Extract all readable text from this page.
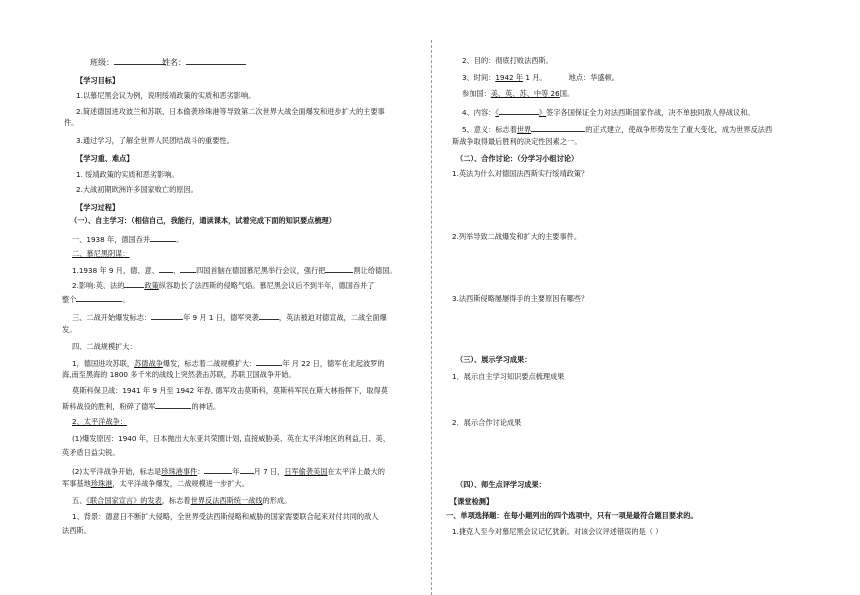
班级：	姓名：
【学习目标】
1.以慕尼黑会议为例，说明绥靖政策的实质和恶劣影响。
2.简述德国进攻波兰和苏联、日本偷袭珍珠港等导致第二次世界大战全面爆发和进步扩大的主要事
件。
3.通过学习，了解全世界人民团结战斗的重要性。
【学习重、难点】
1. 绥靖政策的实质和恶劣影响。
2.大战初期欧洲许多国家败亡的原因。
【学习过程】
（一）、自主学习：（相信自己，我能行，通读课本，试着完成下面的知识要点梳理）
一、1938 年，德国吞并	。
二、慕尼黑阴谋：
1.1938 年 9 月，德、意、 、 四国首脑在德国慕尼黑举行会议，强行把	割让给德国。
2.影响:英、法的	政策纵容助长了法西斯的侵略气焰。慕尼黑会议后不到半年，德国吞并了
整个	。
三、二战开始爆发标志：	年 9 月 1 日，德军突袭	，英法被迫对德宣战，二战全面爆
发。
四、二战规模扩大：
1，德国进攻苏联，苏德战争爆发，标志着二战规模扩大：	年 月 22 日，德军在北起波罗的
海,南至黑海的 1800 多千米的战线上突然袭击苏联，苏联卫国战争开始。
莫斯科保卫战：1941 年 9 月至 1942 年春, 德军攻击莫斯科，莫斯科军民在斯大林指挥下，取得莫
斯科战役的胜利，粉碎了德军	的神话。
2、太平洋战争：
(1)爆发原因：1940 年，日本抛出大东亚共荣圈计划, 直接威胁美、英在太平洋地区的利益,日、美、
英矛盾日益尖锐。
(2)太平洋战争开始，标志是珍珠港事件：	年 月 7 日，日军偷袭美国在太平洋上最大的
军事基地珍珠港，太平洋战争爆发，二战规模进一步扩大。
五、《联合国家宣言》的发表，标志着世界反法西斯统一战线的形成。
1、背景：德意日不断扩大侵略，全世界受法西斯侵略和威胁的国家需要联合起来对付共同的敌人
法西斯。
2、目的：彻底打败法西斯。
3、时间：1942 年 1 月。	地点：华盛顿。
参加国：美、英、苏、中等 26国。
4、内容：《	》签字各国保证全力对法西斯国家作战，决不单独同敌人停战议和。
5、意义：标志着世界	的正式建立，使战争形势发生了重大变化，成为世界反法西
斯战争取得最后胜利的决定性因素之一。
（二）、合作讨论：（分学习小组讨论）
1.英法为什么对德国法西斯实行绥靖政策？
2.列举导致二战爆发和扩大的主要事件。
3.法西斯侵略屡屡得手的主要原因有哪些？
（三）、展示学习成果：
1．展示自主学习知识要点梳理成果
2．展示合作讨论成果
（四）、师生点评学习成果：
【课堂检测】
一、单项选择题：在每小题列出的四个选项中，只有一项是最符合题目要求的。
1.捷克人至今对慕尼黑会议记忆犹新。对该会议评述错误的是（ ）
